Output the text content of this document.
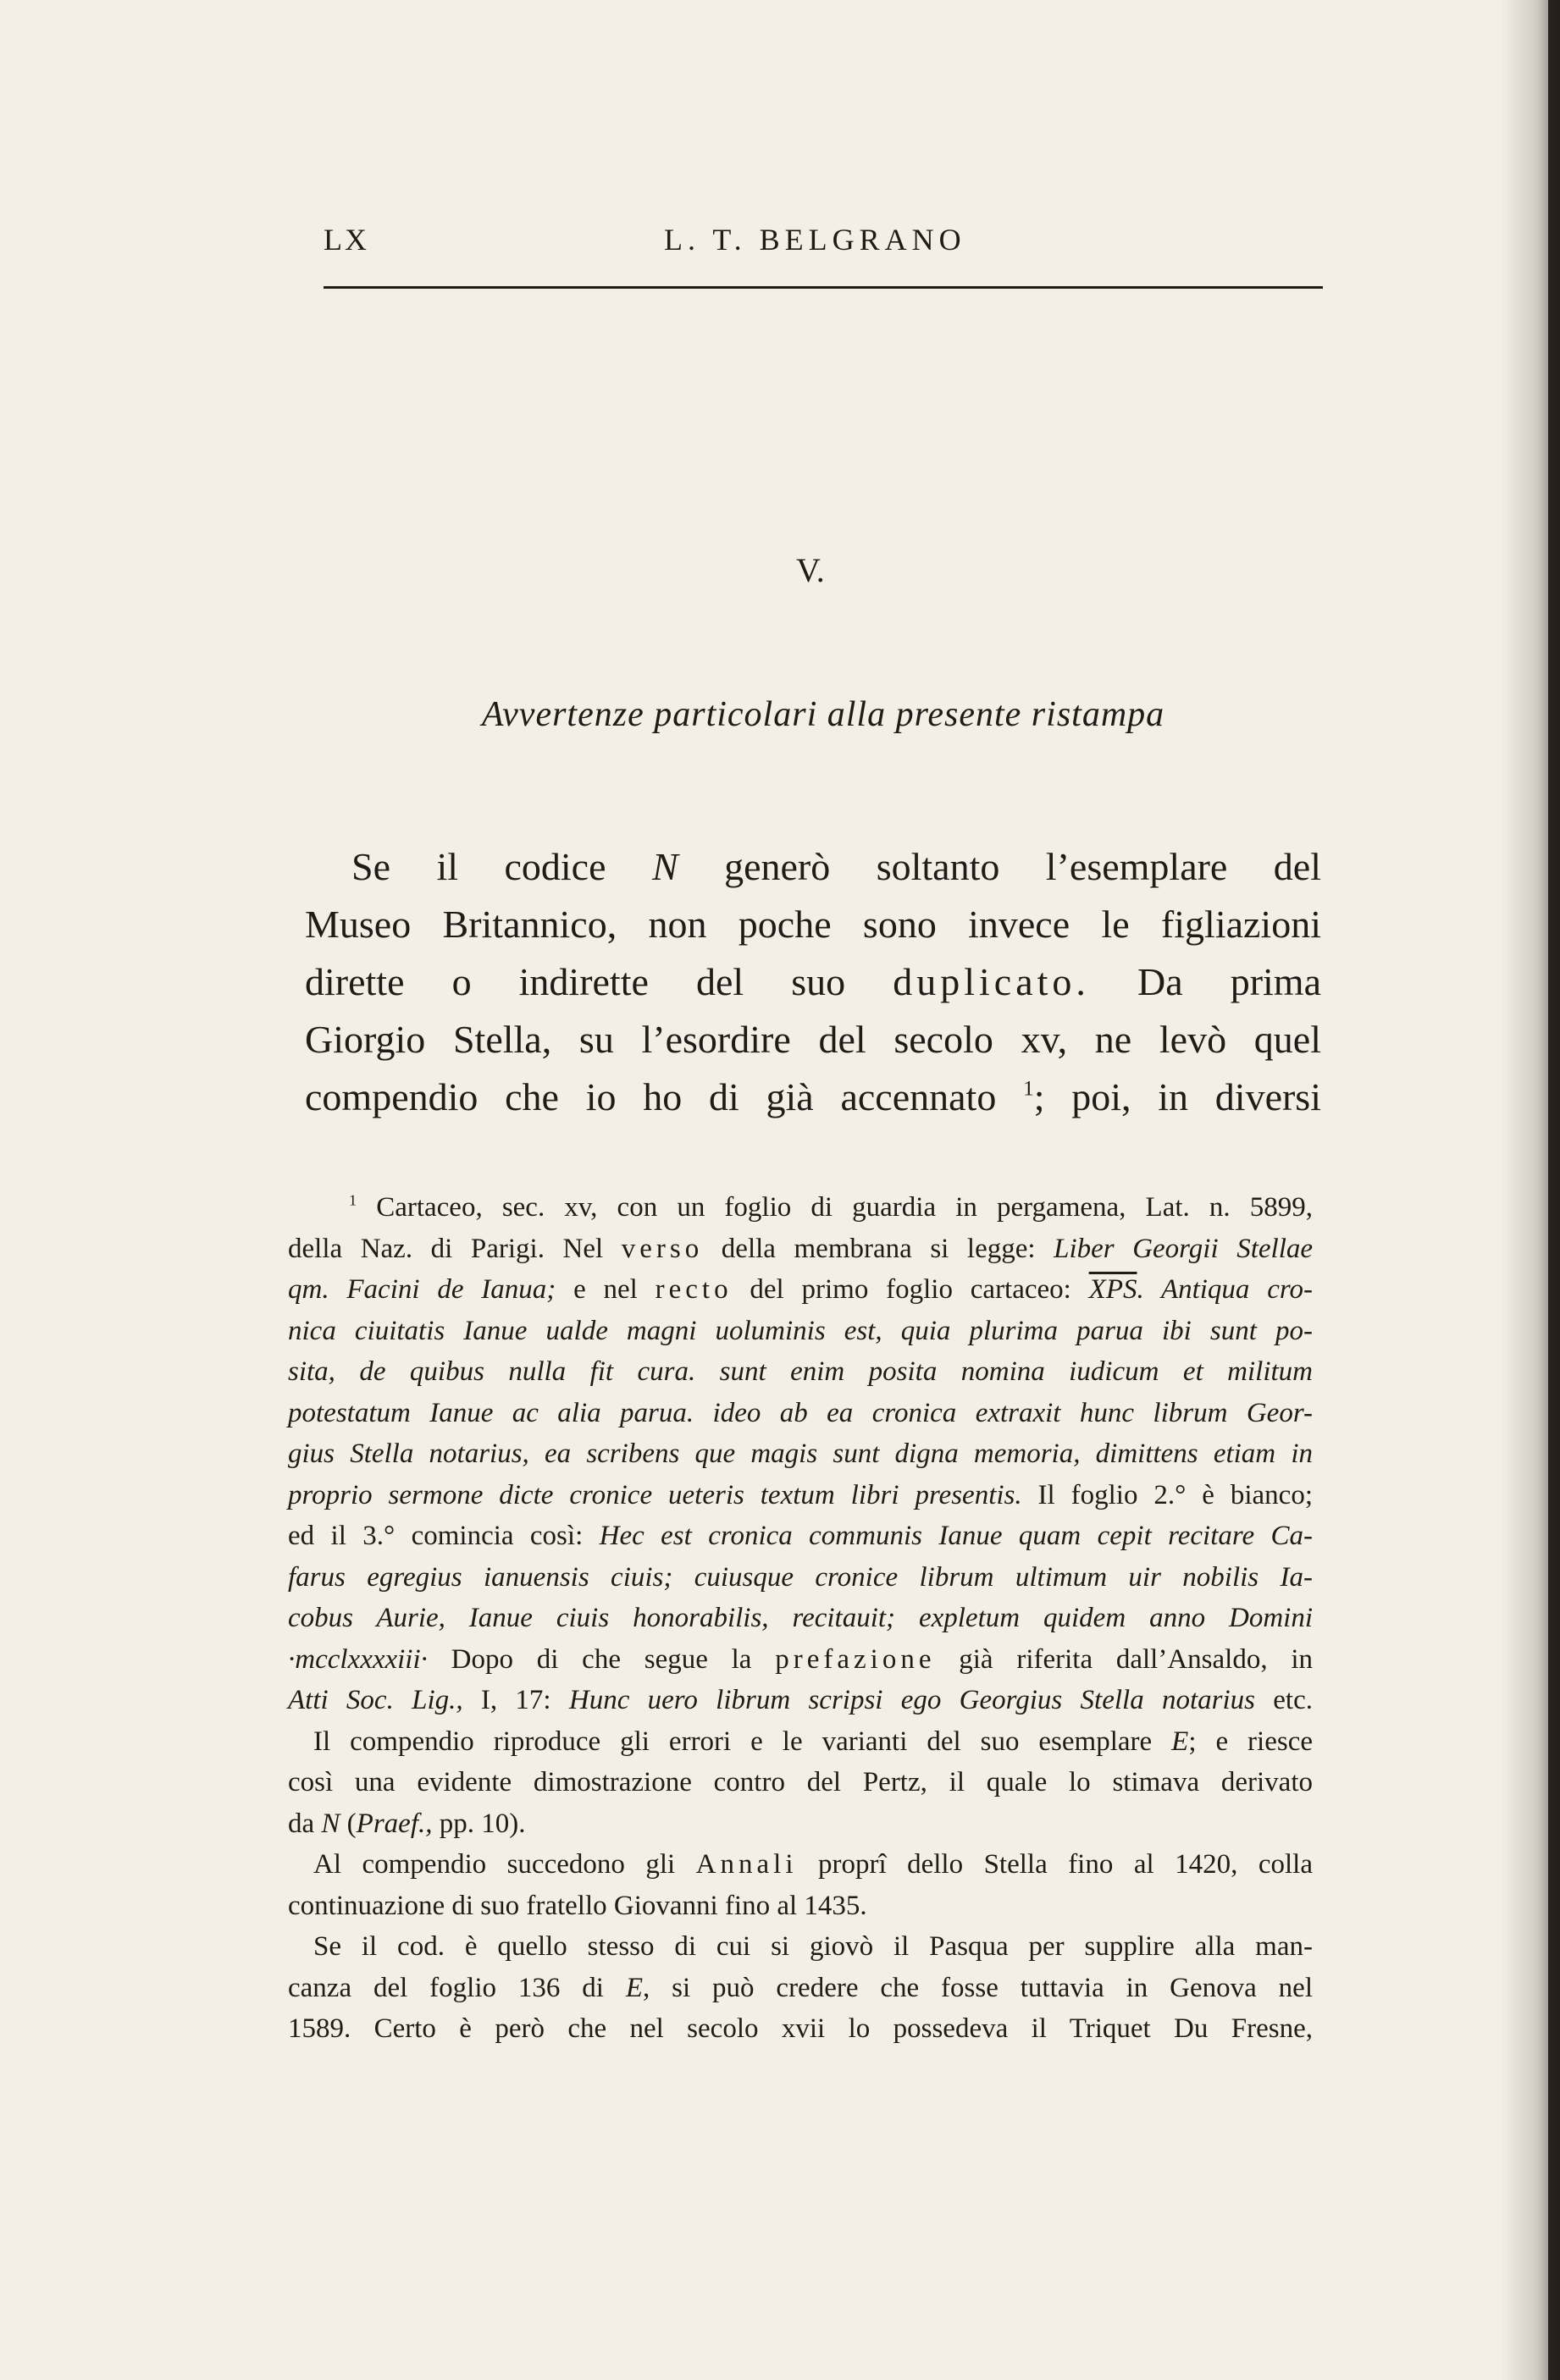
LX	L. T. BELGRANO
V.
Avvertenze particolari alla presente ristampa
Se il codice N generò soltanto l’esemplare del
Museo Britannico, non poche sono invece le figliazioni
dirette o indirette del suo duplicato. Da prima
Giorgio Stella, su l’esordire del secolo xv, ne levò quel
compendio che io ho di già accennato $^1$; poi, in diversi
$^1$ Cartaceo, sec. xv, con un foglio di guardia in pergamena, Lat. n. 5899,
della Naz. di Parigi. Nel verso della membrana si legge: Liber Georgii Stellae
qm. Facini de Ianua; e nel recto del primo foglio cartaceo: $\overline{XPS}$. Antiqua cro-
nica ciuitatis Ianue ualde magni uoluminis est, quia plurima parua ibi sunt po-
sita, de quibus nulla fit cura. sunt enim posita nomina iudicum et militum
potestatum Ianue ac alia parua. ideo ab ea cronica extraxit hunc librum Geor-
gius Stella notarius, ea scribens que magis sunt digna memoria, dimittens etiam in
proprio sermone dicte cronice ueteris textum libri presentis. Il foglio 2.° è bianco;
ed il 3.° comincia così: Hec est cronica communis Ianue quam cepit recitare Ca-
farus egregius ianuensis ciuis; cuiusque cronice librum ultimum uir nobilis Ia-
cobus Aurie, Ianue ciuis honorabilis, recitauit; expletum quidem anno Domini
·mcclxxxxiii· Dopo di che segue la prefazione già riferita dall’Ansaldo, in
Atti Soc. Lig., I, 17: Hunc uero librum scripsi ego Georgius Stella notarius etc.
Il compendio riproduce gli errori e le varianti del suo esemplare E; e riesce
così una evidente dimostrazione contro del Pertz, il quale lo stimava derivato
da N (Praef., pp. 10).
Al compendio succedono gli Annali proprî dello Stella fino al 1420, colla
continuazione di suo fratello Giovanni fino al 1435.
Se il cod. è quello stesso di cui si giovò il Pasqua per supplire alla man-
canza del foglio 136 di E, si può credere che fosse tuttavia in Genova nel
1589. Certo è però che nel secolo xvii lo possedeva il Triquet Du Fresne,
